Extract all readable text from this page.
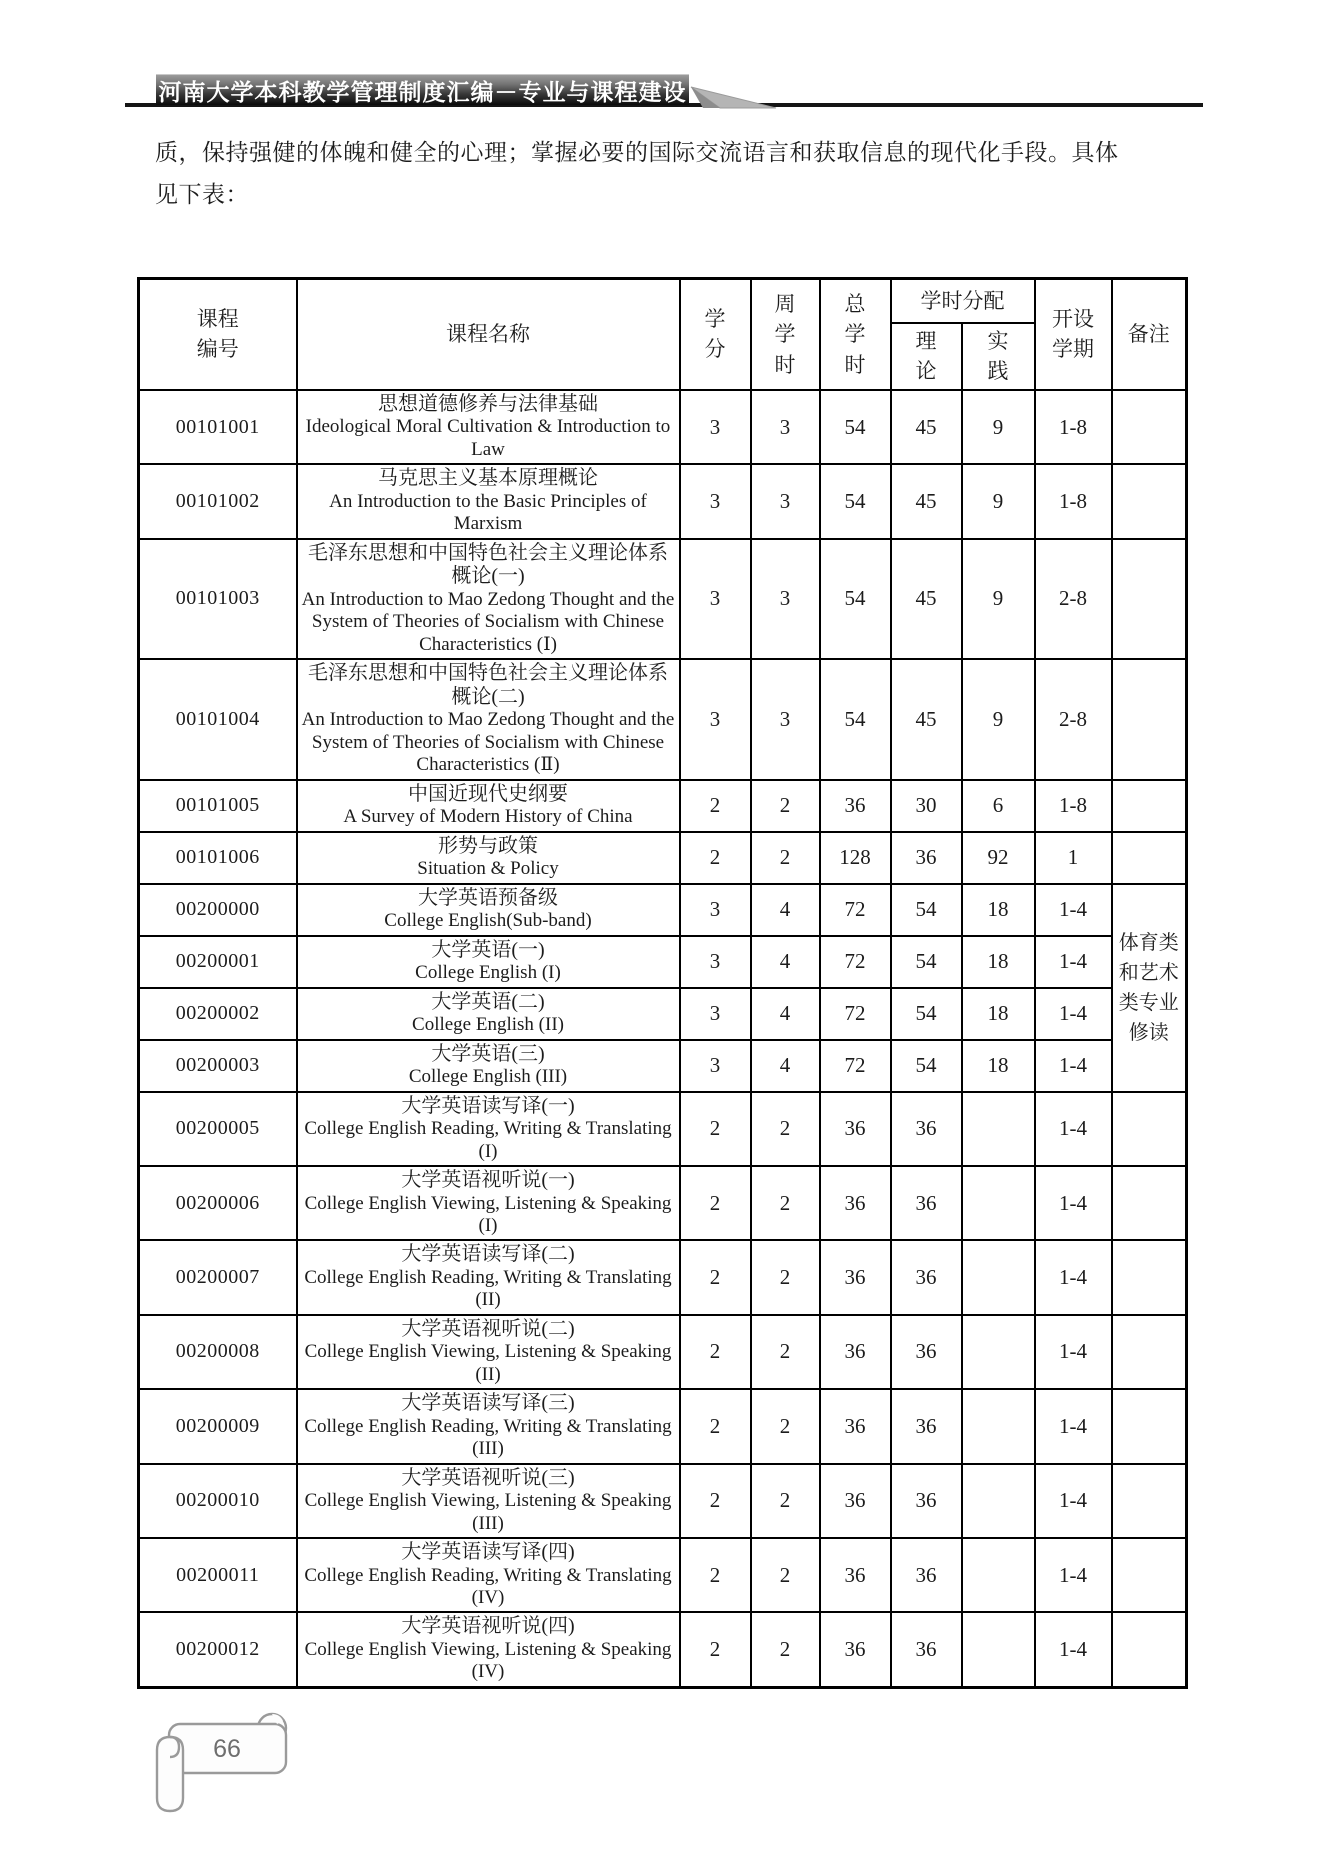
河南大学本科教学管理制度汇编－专业与课程建设
质，保持强健的体魄和健全的心理；掌握必要的国际交流语言和获取信息的现代化手段。具体
见下表：
课程编号	课程名称	学分	周学时	总学时	学时分配		开设学期	备注
					理论	实践		
00101001	思想道德修养与法律基础
Ideological Moral Cultivation & Introduction to Law	3	3	54	45	9	1-8	
00101002	马克思主义基本原理概论
An Introduction to the Basic Principles of Marxism	3	3	54	45	9	1-8	
00101003	毛泽东思想和中国特色社会主义理论体系概论(一)
An Introduction to Mao Zedong Thought and the System of Theories of Socialism with Chinese Characteristics (Ⅰ)	3	3	54	45	9	2-8	
00101004	毛泽东思想和中国特色社会主义理论体系概论(二)
An Introduction to Mao Zedong Thought and the System of Theories of Socialism with Chinese Characteristics (Ⅱ)	3	3	54	45	9	2-8	
00101005	中国近现代史纲要
A Survey of Modern History of China	2	2	36	30	6	1-8	
00101006	形势与政策
Situation & Policy	2	2	128	36	92	1	
00200000	大学英语预备级
College English(Sub-band)	3	4	72	54	18	1-4	体育类和艺术类专业修读
00200001	大学英语(一)
College English (I)	3	4	72	54	18	1-4	
00200002	大学英语(二)
College English (II)	3	4	72	54	18	1-4	
00200003	大学英语(三)
College English (III)	3	4	72	54	18	1-4	
00200005	大学英语读写译(一)
College English Reading, Writing & Translating (I)	2	2	36	36		1-4	
00200006	大学英语视听说(一)
College English Viewing, Listening & Speaking (I)	2	2	36	36		1-4	
00200007	大学英语读写译(二)
College English Reading, Writing & Translating (II)	2	2	36	36		1-4	
00200008	大学英语视听说(二)
College English Viewing, Listening & Speaking (II)	2	2	36	36		1-4	
00200009	大学英语读写译(三)
College English Reading, Writing & Translating (III)	2	2	36	36		1-4	
00200010	大学英语视听说(三)
College English Viewing, Listening & Speaking (III)	2	2	36	36		1-4	
00200011	大学英语读写译(四)
College English Reading, Writing & Translating (IV)	2	2	36	36		1-4	
00200012	大学英语视听说(四)
College English Viewing, Listening & Speaking (IV)	2	2	36	36		1-4	
66
